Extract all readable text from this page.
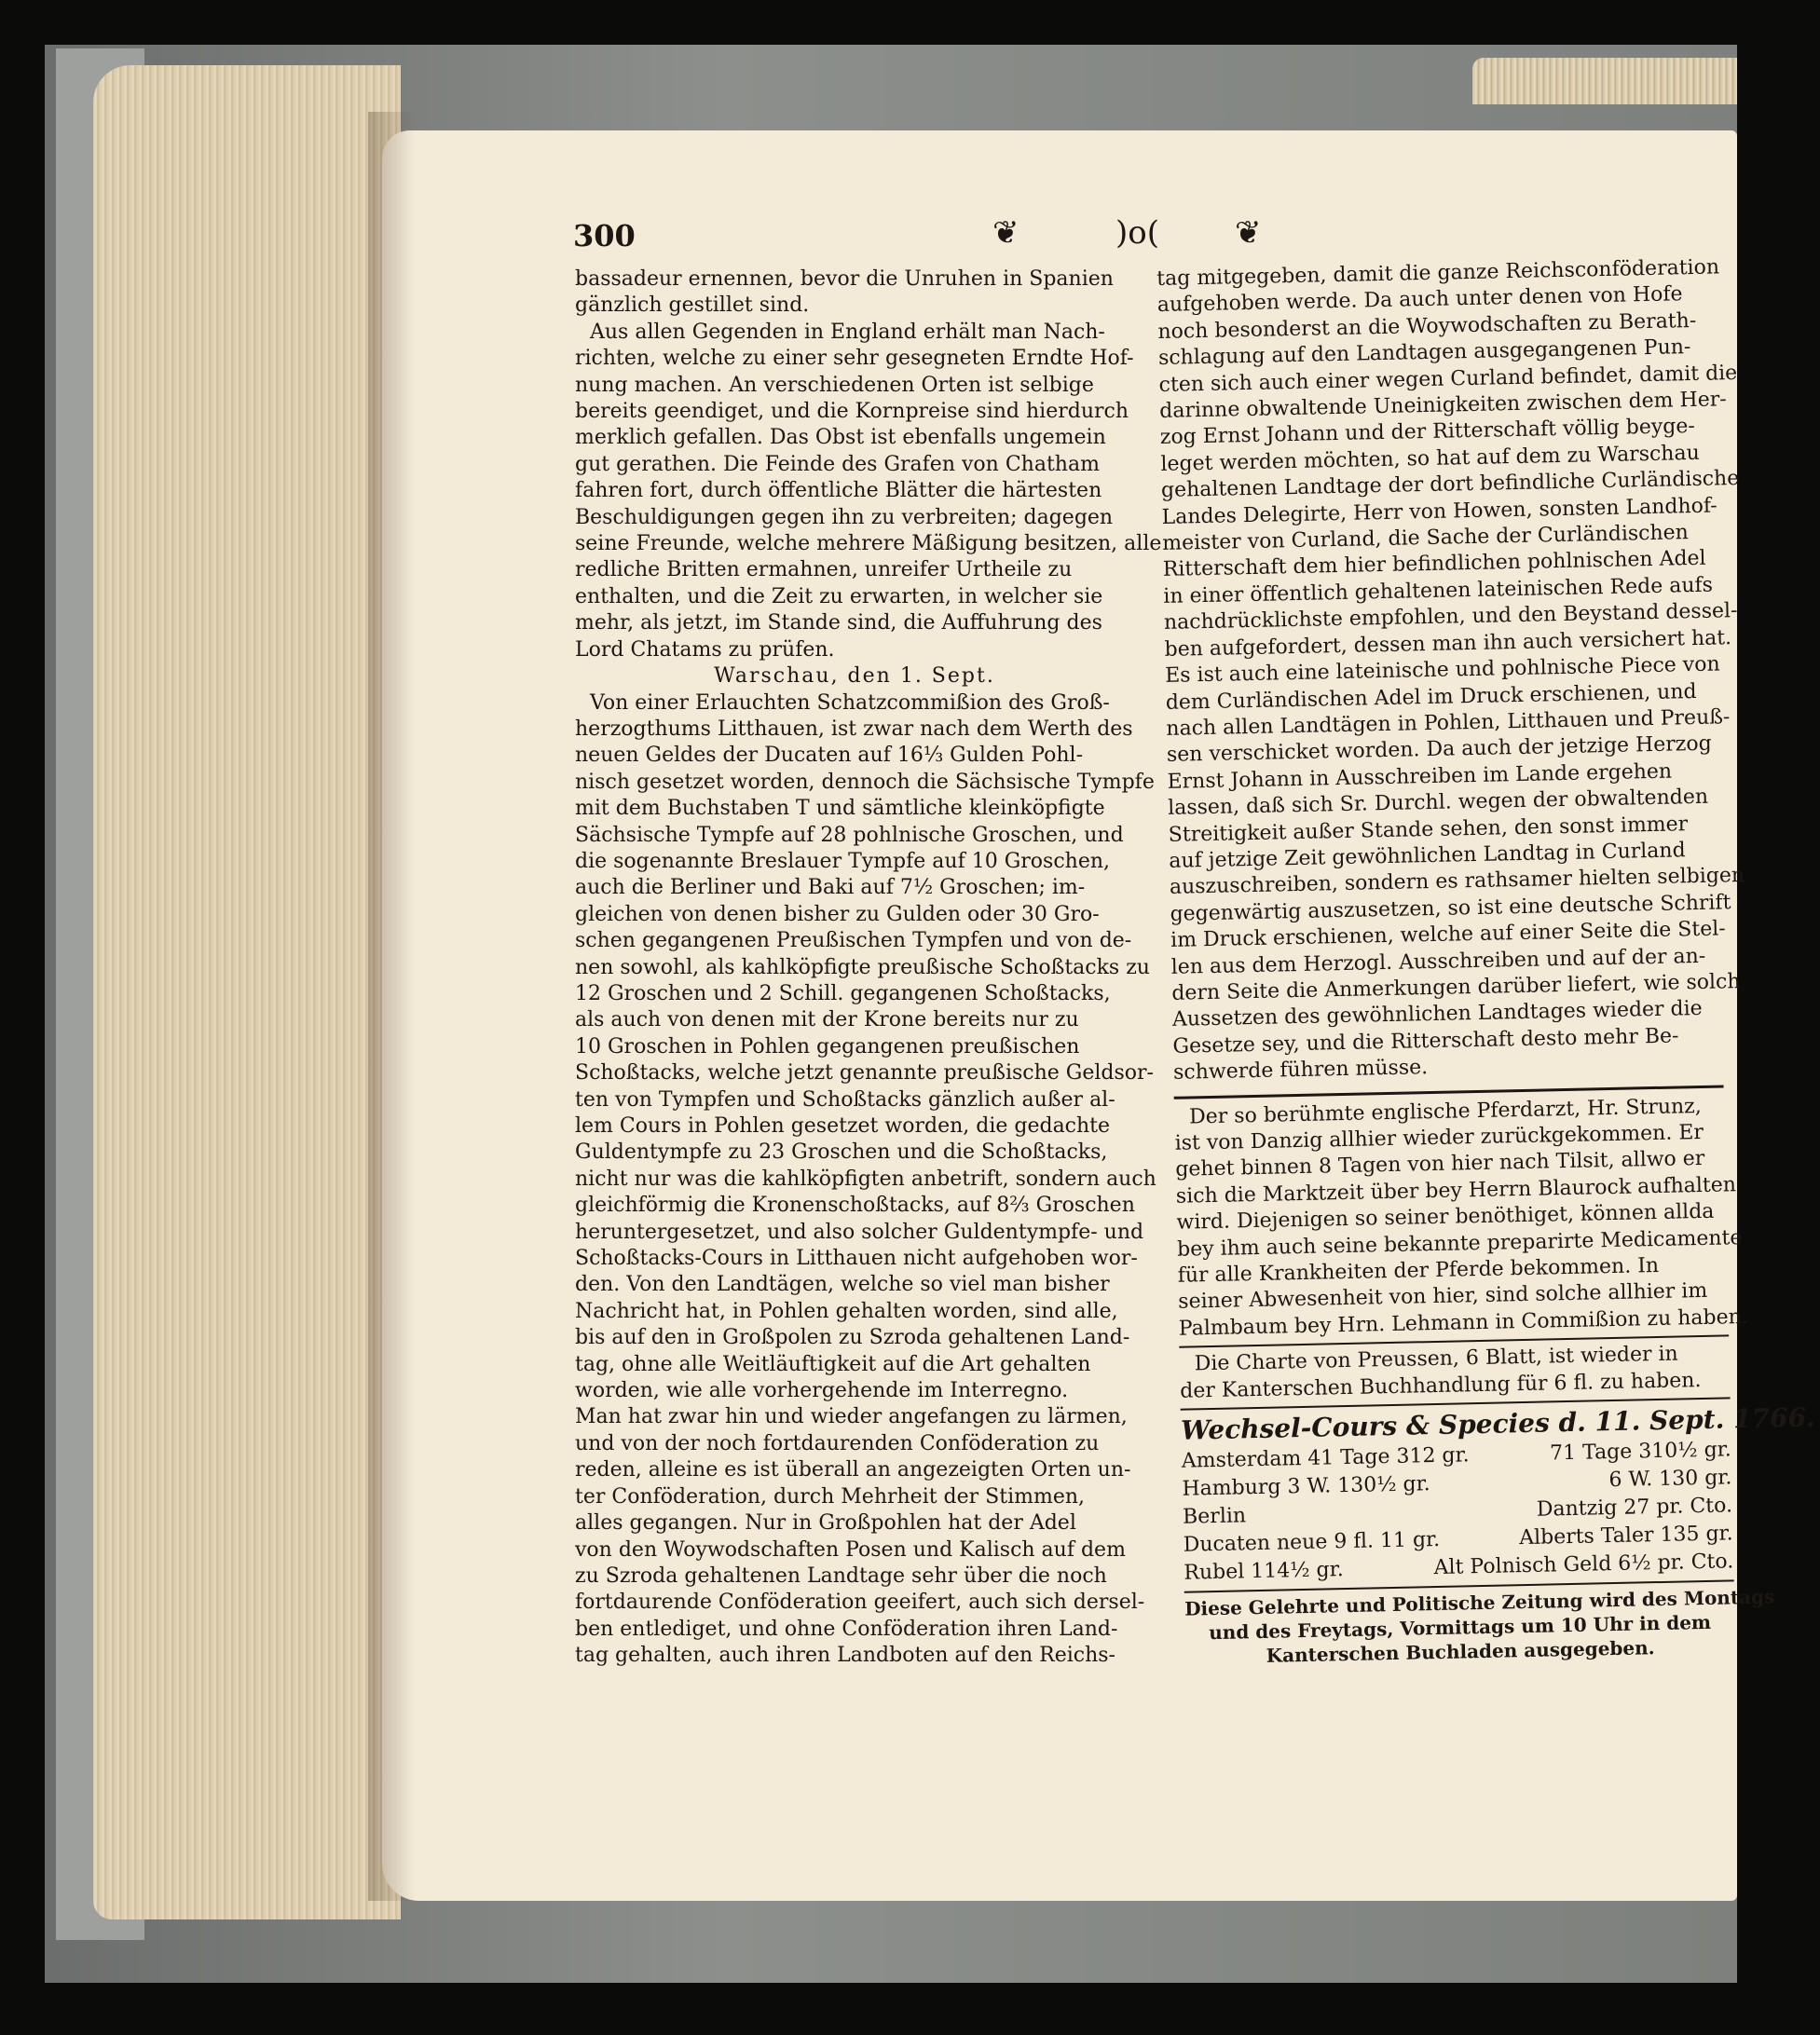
300	❦	)o( ❦
bassadeur ernennen, bevor die Unruhen in Spanien
gänzlich gestillet sind.
Aus allen Gegenden in England erhält man Nach-
richten, welche zu einer sehr gesegneten Erndte Hof-
nung machen. An verschiedenen Orten ist selbige
bereits geendiget, und die Kornpreise sind hierdurch
merklich gefallen. Das Obst ist ebenfalls ungemein
gut gerathen. Die Feinde des Grafen von Chatham
fahren fort, durch öffentliche Blätter die härtesten
Beschuldigungen gegen ihn zu verbreiten; dagegen
seine Freunde, welche mehrere Mäßigung besitzen, alle
redliche Britten ermahnen, unreifer Urtheile zu
enthalten, und die Zeit zu erwarten, in welcher sie
mehr, als jetzt, im Stande sind, die Auffuhrung des
Lord Chatams zu prüfen.
Warschau, den 1. Sept.
Von einer Erlauchten Schatzcommißion des Groß-
herzogthums Litthauen, ist zwar nach dem Werth des
neuen Geldes der Ducaten auf 16⅓ Gulden Pohl-
nisch gesetzet worden, dennoch die Sächsische Tympfe
mit dem Buchstaben T und sämtliche kleinköpfigte
Sächsische Tympfe auf 28 pohlnische Groschen, und
die sogenannte Breslauer Tympfe auf 10 Groschen,
auch die Berliner und Baki auf 7½ Groschen; im-
gleichen von denen bisher zu Gulden oder 30 Gro-
schen gegangenen Preußischen Tympfen und von de-
nen sowohl, als kahlköpfigte preußische Schoßtacks zu
12 Groschen und 2 Schill. gegangenen Schoßtacks,
als auch von denen mit der Krone bereits nur zu
10 Groschen in Pohlen gegangenen preußischen
Schoßtacks, welche jetzt genannte preußische Geldsor-
ten von Tympfen und Schoßtacks gänzlich außer al-
lem Cours in Pohlen gesetzet worden, die gedachte
Guldentympfe zu 23 Groschen und die Schoßtacks,
nicht nur was die kahlköpfigten anbetrift, sondern auch
gleichförmig die Kronenschoßtacks, auf 8⅔ Groschen
heruntergesetzet, und also solcher Guldentympfe- und
Schoßtacks-Cours in Litthauen nicht aufgehoben wor-
den. Von den Landtägen, welche so viel man bisher
Nachricht hat, in Pohlen gehalten worden, sind alle,
bis auf den in Großpolen zu Szroda gehaltenen Land-
tag, ohne alle Weitläuftigkeit auf die Art gehalten
worden, wie alle vorhergehende im Interregno.
Man hat zwar hin und wieder angefangen zu lärmen,
und von der noch fortdaurenden Conföderation zu
reden, alleine es ist überall an angezeigten Orten un-
ter Conföderation, durch Mehrheit der Stimmen,
alles gegangen. Nur in Großpohlen hat der Adel
von den Woywodschaften Posen und Kalisch auf dem
zu Szroda gehaltenen Landtage sehr über die noch
fortdaurende Conföderation geeifert, auch sich dersel-
ben entlediget, und ohne Conföderation ihren Land-
tag gehalten, auch ihren Landboten auf den Reichs-
tag mitgegeben, damit die ganze Reichsconföderation
aufgehoben werde. Da auch unter denen von Hofe
noch besonderst an die Woywodschaften zu Berath-
schlagung auf den Landtagen ausgegangenen Pun-
cten sich auch einer wegen Curland befindet, damit die
darinne obwaltende Uneinigkeiten zwischen dem Her-
zog Ernst Johann und der Ritterschaft völlig beyge-
leget werden möchten, so hat auf dem zu Warschau
gehaltenen Landtage der dort befindliche Curländische
Landes Delegirte, Herr von Howen, sonsten Landhof-
meister von Curland, die Sache der Curländischen
Ritterschaft dem hier befindlichen pohlnischen Adel
in einer öffentlich gehaltenen lateinischen Rede aufs
nachdrücklichste empfohlen, und den Beystand dessel-
ben aufgefordert, dessen man ihn auch versichert hat.
Es ist auch eine lateinische und pohlnische Piece von
dem Curländischen Adel im Druck erschienen, und
nach allen Landtägen in Pohlen, Litthauen und Preuß-
sen verschicket worden. Da auch der jetzige Herzog
Ernst Johann in Ausschreiben im Lande ergehen
lassen, daß sich Sr. Durchl. wegen der obwaltenden
Streitigkeit außer Stande sehen, den sonst immer
auf jetzige Zeit gewöhnlichen Landtag in Curland
auszuschreiben, sondern es rathsamer hielten selbigen
gegenwärtig auszusetzen, so ist eine deutsche Schrift
im Druck erschienen, welche auf einer Seite die Stel-
len aus dem Herzogl. Ausschreiben und auf der an-
dern Seite die Anmerkungen darüber liefert, wie solch
Aussetzen des gewöhnlichen Landtages wieder die
Gesetze sey, und die Ritterschaft desto mehr Be-
schwerde führen müsse.
Der so berühmte englische Pferdarzt, Hr. Strunz,
ist von Danzig allhier wieder zurückgekommen. Er
gehet binnen 8 Tagen von hier nach Tilsit, allwo er
sich die Marktzeit über bey Herrn Blaurock aufhalten
wird. Diejenigen so seiner benöthiget, können allda
bey ihm auch seine bekannte preparirte Medicamente
für alle Krankheiten der Pferde bekommen. In
seiner Abwesenheit von hier, sind solche allhier im
Palmbaum bey Hrn. Lehmann in Commißion zu haben.
Die Charte von Preussen, 6 Blatt, ist wieder in
der Kanterschen Buchhandlung für 6 fl. zu haben.
Wechsel-Cours & Species d. 11. Sept. 1766.
Amsterdam 41 Tage 312 gr.	71 Tage 310½ gr.
Hamburg 3 W. 130½ gr.	6 W. 130 gr.
Berlin	Dantzig 27 pr. Cto.
Ducaten neue 9 fl. 11 gr.	Alberts Taler 135 gr.
Rubel 114½ gr.	Alt Polnisch Geld 6½ pr. Cto.
Diese Gelehrte und Politische Zeitung wird des Montags
und des Freytags, Vormittags um 10 Uhr in dem
Kanterschen Buchladen ausgegeben.
